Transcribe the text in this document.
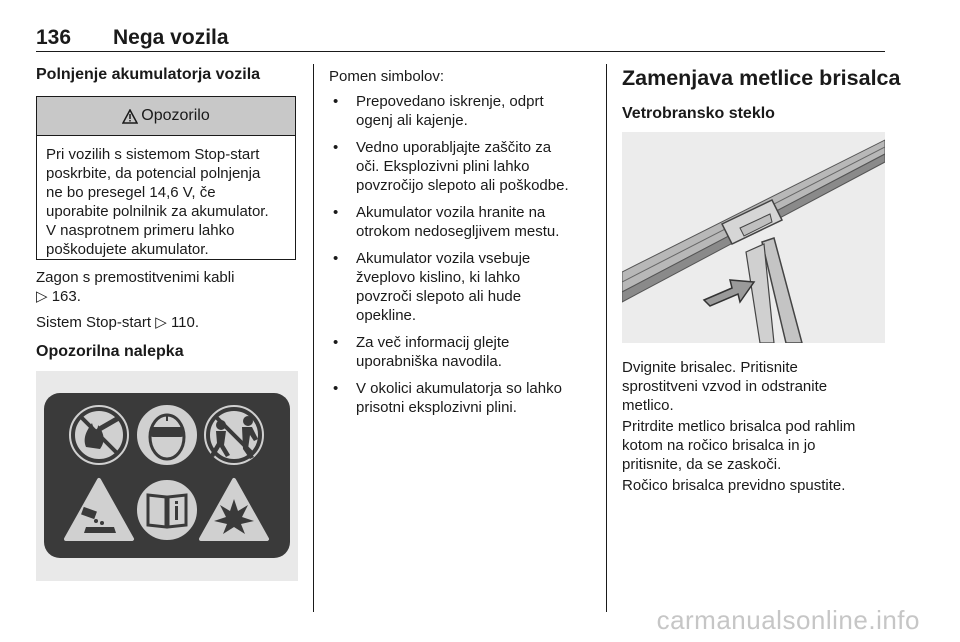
136 Nega vozila
Polnjenje akumulatorja vozila
Opozorilo
Pri vozilih s sistemom Stop-start
poskrbite, da potencial polnjenja
ne bo presegel 14,6 V, če
uporabite polnilnik za akumulator.
V nasprotnem primeru lahko
poškodujete akumulator.
Zagon s premostitvenimi kabli
▷ 163.
Sistem Stop-start ▷ 110.
Opozorilna nalepka
Pomen simbolov:
• Prepovedano iskrenje, odprt
ogenj ali kajenje.
• Vedno uporabljajte zaščito za
oči. Eksplozivni plini lahko
povzročijo slepoto ali poškodbe.
• Akumulator vozila hranite na
otrokom nedosegljivem mestu.
• Akumulator vozila vsebuje
žveplovo kislino, ki lahko
povzroči slepoto ali hude
opekline.
• Za več informacij glejte
uporabniška navodila.
• V okolici akumulatorja so lahko
prisotni eksplozivni plini.
Zamenjava metlice brisalca
Vetrobransko steklo
Dvignite brisalec. Pritisnite
sprostitveni vzvod in odstranite
metlico.
Pritrdite metlico brisalca pod rahlim
kotom na ročico brisalca in jo
pritisnite, da se zaskoči.
Ročico brisalca previdno spustite.
carmanualsonline.info
